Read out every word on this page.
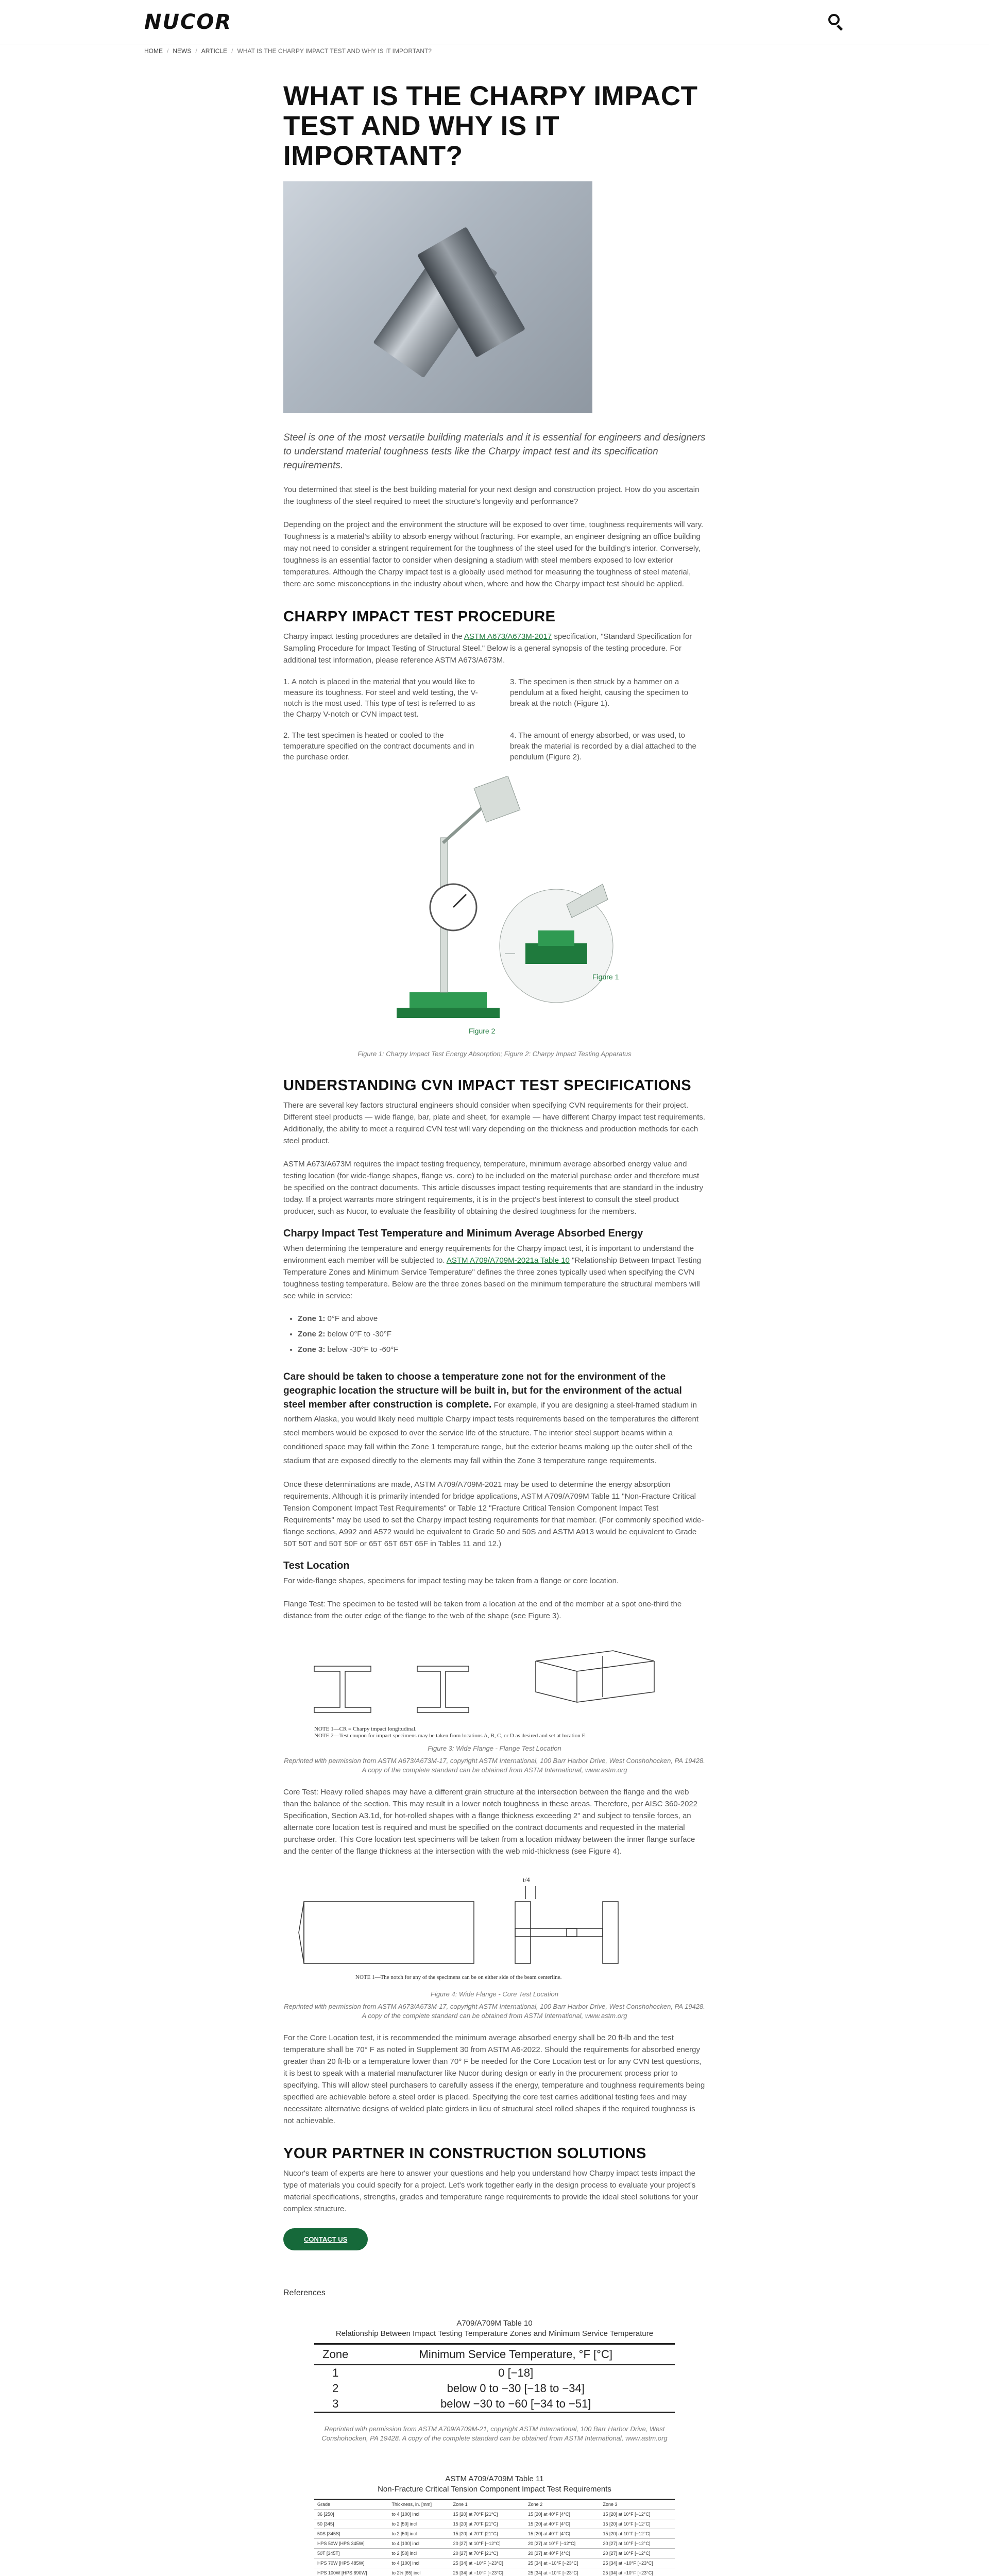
NUCOR
HOME / NEWS / ARTICLE / WHAT IS THE CHARPY IMPACT TEST AND WHY IS IT IMPORTANT?
WHAT IS THE CHARPY IMPACT TEST AND WHY IS IT IMPORTANT?

Steel is one of the most versatile building materials and it is essential for engineers and designers to understand material toughness tests like the Charpy impact test and its specification requirements.

You determined that steel is the best building material for your next design and construction project. How do you ascertain the toughness of the steel required to meet the structure's longevity and performance?

Depending on the project and the environment the structure will be exposed to over time, toughness requirements will vary. Toughness is a material's ability to absorb energy without fracturing. For example, an engineer designing an office building may not need to consider a stringent requirement for the toughness of the steel used for the building's interior. Conversely, toughness is an essential factor to consider when designing a stadium with steel members exposed to low exterior temperatures. Although the Charpy impact test is a globally used method for measuring the toughness of steel material, there are some misconceptions in the industry about when, where and how the Charpy impact test should be applied.

CHARPY IMPACT TEST PROCEDURE

Charpy impact testing procedures are detailed in the ASTM A673/A673M-2017 specification, "Standard Specification for Sampling Procedure for Impact Testing of Structural Steel." Below is a general synopsis of the testing procedure. For additional test information, please reference ASTM A673/A673M.

1. A notch is placed in the material that you would like to measure its toughness. For steel and weld testing, the V-notch is the most used. This type of test is referred to as the Charpy V-notch or CVN impact test.

3. The specimen is then struck by a hammer on a pendulum at a fixed height, causing the specimen to break at the notch (Figure 1).

2. The test specimen is heated or cooled to the temperature specified on the contract documents and in the purchase order.

4. The amount of energy absorbed, or was used, to break the material is recorded by a dial attached to the pendulum (Figure 2).

Figure 1
Figure 2

Figure 1: Charpy Impact Test Energy Absorption; Figure 2: Charpy Impact Testing Apparatus

UNDERSTANDING CVN IMPACT TEST SPECIFICATIONS

There are several key factors structural engineers should consider when specifying CVN requirements for their project. Different steel products — wide flange, bar, plate and sheet, for example — have different Charpy impact test requirements. Additionally, the ability to meet a required CVN test will vary depending on the thickness and production methods for each steel product.

ASTM A673/A673M requires the impact testing frequency, temperature, minimum average absorbed energy value and testing location (for wide-flange shapes, flange vs. core) to be included on the material purchase order and therefore must be specified on the contract documents. This article discusses impact testing requirements that are standard in the industry today. If a project warrants more stringent requirements, it is in the project's best interest to consult the steel product producer, such as Nucor, to evaluate the feasibility of obtaining the desired toughness for the members.

Charpy Impact Test Temperature and Minimum Average Absorbed Energy

When determining the temperature and energy requirements for the Charpy impact test, it is important to understand the environment each member will be subjected to. ASTM A709/A709M-2021a Table 10 "Relationship Between Impact Testing Temperature Zones and Minimum Service Temperature" defines the three zones typically used when specifying the CVN toughness testing temperature. Below are the three zones based on the minimum temperature the structural members will see while in service:

• Zone 1: 0°F and above
• Zone 2: below 0°F to -30°F
• Zone 3: below -30°F to -60°F

Care should be taken to choose a temperature zone not for the environment of the geographic location the structure will be built in, but for the environment of the actual steel member after construction is complete. For example, if you are designing a steel-framed stadium in northern Alaska, you would likely need multiple Charpy impact tests requirements based on the temperatures the different steel members would be exposed to over the service life of the structure. The interior steel support beams within a conditioned space may fall within the Zone 1 temperature range, but the exterior beams making up the outer shell of the stadium that are exposed directly to the elements may fall within the Zone 3 temperature range requirements.

Once these determinations are made, ASTM A709/A709M-2021 may be used to determine the energy absorption requirements. Although it is primarily intended for bridge applications, ASTM A709/A709M Table 11 "Non-Fracture Critical Tension Component Impact Test Requirements" or Table 12 "Fracture Critical Tension Component Impact Test Requirements" may be used to set the Charpy impact testing requirements for that member. (For commonly specified wide-flange sections, A992 and A572 would be equivalent to Grade 50 and 50S and ASTM A913 would be equivalent to Grade 50T 50T and 50T 50F or 65T 65T 65T 65F in Tables 11 and 12.)

Test Location

For wide-flange shapes, specimens for impact testing may be taken from a flange or core location.

Flange Test: The specimen to be tested will be taken from a location at the end of the member at a spot one-third the distance from the outer edge of the flange to the web of the shape (see Figure 3).

NOTE 1—CR = Charpy impact longitudinal.
NOTE 2—Test coupon for impact specimens may be taken from locations A, B, C, or D as desired and set at location E.

Figure 3: Wide Flange - Flange Test Location

Reprinted with permission from ASTM A673/A673M-17, copyright ASTM International, 100 Barr Harbor Drive, West Conshohocken, PA 19428. A copy of the complete standard can be obtained from ASTM International, www.astm.org

Core Test: Heavy rolled shapes may have a different grain structure at the intersection between the flange and the web than the balance of the section. This may result in a lower notch toughness in these areas. Therefore, per AISC 360-2022 Specification, Section A3.1d, for hot-rolled shapes with a flange thickness exceeding 2" and subject to tensile forces, an alternate core location test is required and must be specified on the contract documents and requested in the material purchase order. This Core location test specimens will be taken from a location midway between the inner flange surface and the center of the flange thickness at the intersection with the web mid-thickness (see Figure 4).

t/4
NOTE 1—The notch for any of the specimens can be on either side of the beam centerline.

Figure 4: Wide Flange - Core Test Location

Reprinted with permission from ASTM A673/A673M-17, copyright ASTM International, 100 Barr Harbor Drive, West Conshohocken, PA 19428. A copy of the complete standard can be obtained from ASTM International, www.astm.org

For the Core Location test, it is recommended the minimum average absorbed energy shall be 20 ft-lb and the test temperature shall be 70° F as noted in Supplement 30 from ASTM A6-2022. Should the requirements for absorbed energy greater than 20 ft-lb or a temperature lower than 70° F be needed for the Core Location test or for any CVN test questions, it is best to speak with a material manufacturer like Nucor during design or early in the procurement process prior to specifying. This will allow steel purchasers to carefully assess if the energy, temperature and toughness requirements being specified are achievable before a steel order is placed. Specifying the core test carries additional testing fees and may necessitate alternative designs of welded plate girders in lieu of structural steel rolled shapes if the required toughness is not achievable.

YOUR PARTNER IN CONSTRUCTION SOLUTIONS

Nucor's team of experts are here to answer your questions and help you understand how Charpy impact tests impact the type of materials you could specify for a project. Let's work together early in the design process to evaluate your project's material specifications, strengths, grades and temperature range requirements to provide the ideal steel solutions for your complex structure.

CONTACT US

References

A709/A709M Table 10

Relationship Between Impact Testing Temperature Zones and Minimum Service Temperature

Zone	Minimum Service Temperature, °F [°C]
1	0 [−18]
2	below 0 to −30 [−18 to −34]
3	below −30 to −60 [−34 to −51]

Reprinted with permission from ASTM A709/A709M-21, copyright ASTM International, 100 Barr Harbor Drive, West Conshohocken, PA 19428. A copy of the complete standard can be obtained from ASTM International, www.astm.org

ASTM A709/A709M Table 11

Non-Fracture Critical Tension Component Impact Test Requirements

Grade	Thickness, in. [mm]	Zone 1	Zone 2	Zone 3
36 [250]	to 4 [100] incl	15 [20] at 70°F [21°C]	15 [20] at 40°F [4°C]	15 [20] at 10°F [−12°C]
50 [345]	to 2 [50] incl	15 [20] at 70°F [21°C]	15 [20] at 40°F [4°C]	15 [20] at 10°F [−12°C]
50S [345S]	to 2 [50] incl	15 [20] at 70°F [21°C]	15 [20] at 40°F [4°C]	15 [20] at 10°F [−12°C]
HPS 50W [HPS 345W]	to 4 [100] incl	20 [27] at 10°F [−12°C]	20 [27] at 10°F [−12°C]	20 [27] at 10°F [−12°C]
50T [345T]	to 2 [50] incl	20 [27] at 70°F [21°C]	20 [27] at 40°F [4°C]	20 [27] at 10°F [−12°C]
HPS 70W [HPS 485W]	to 4 [100] incl	25 [34] at −10°F [−23°C]	25 [34] at −10°F [−23°C]	25 [34] at −10°F [−23°C]
HPS 100W [HPS 690W]	to 2½ [65] incl	25 [34] at −10°F [−23°C]	25 [34] at −10°F [−23°C]	25 [34] at −10°F [−23°C]
